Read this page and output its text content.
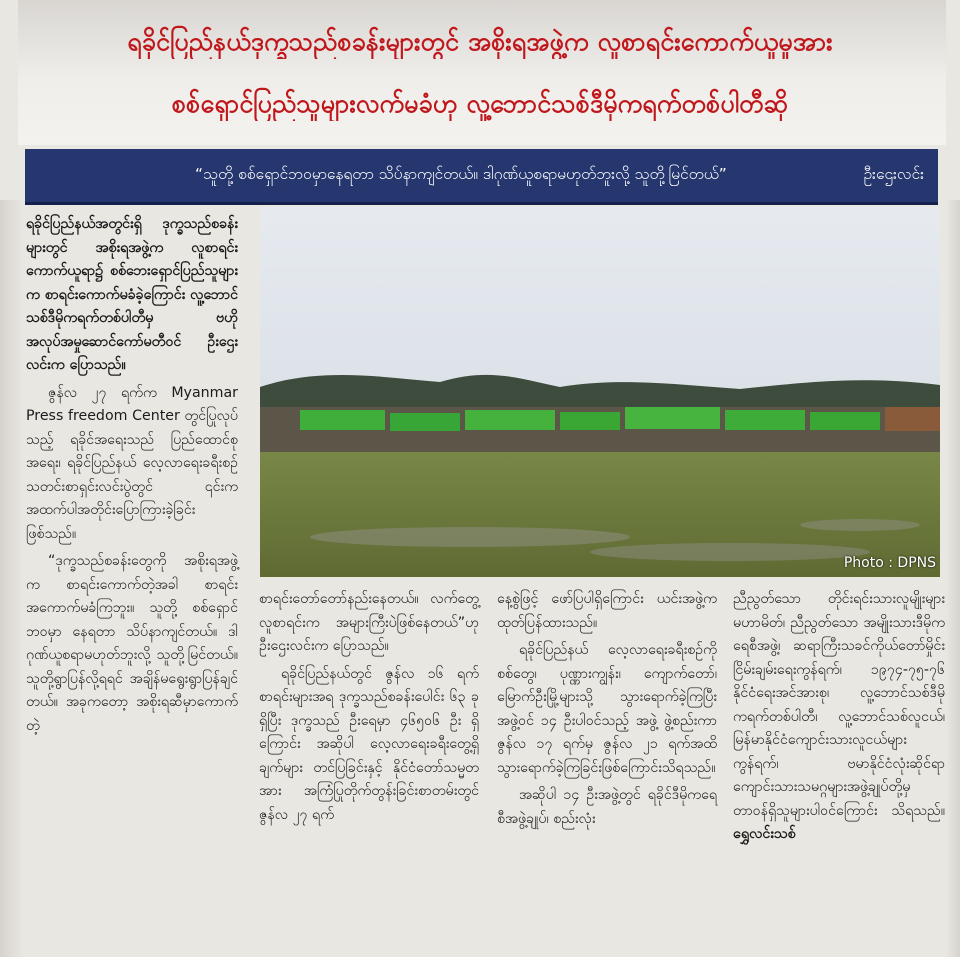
ရခိုင်ပြည်နယ်ဒုက္ခသည်စခန်းများတွင် အစိုးရအဖွဲ့က လူစာရင်းကောက်ယူမှုအား
စစ်ရှောင်ပြည်သူများလက်မခံဟု လူ့ဘောင်သစ်ဒီမိုကရက်တစ်ပါတီဆို
“သူတို့ စစ်ရှောင်ဘဝမှာနေရတာ သိပ်နာကျင်တယ်။ ဒါဂုဏ်ယူစရာမဟုတ်ဘူးလို့ သူတို့မြင်တယ်”	ဦးဌေးလင်း
Photo : DPNS

ရခိုင်ပြည်နယ်အတွင်းရှိ ဒုက္ခသည်စခန်းများတွင် အစိုးရအဖွဲ့က လူစာရင်းကောက်ယူရာ၌ စစ်ဘေးရှောင်ပြည်သူများ က စာရင်းကောက်မခံခဲ့ကြောင်း လူ့ဘောင်သစ်ဒီမိုကရက်တစ်ပါတီမှ ဗဟိုအလုပ်အမှုဆောင်ကော်မတီဝင် ဦးဌေးလင်းက ပြောသည်။

ဇွန်လ ၂၇ ရက်က Myanmar Press freedom Center တွင်ပြုလုပ်သည့် ရခိုင်အရေးသည် ပြည်ထောင်စုအရေး၊ ရခိုင်ပြည်နယ် လေ့လာရေးခရီးစဉ် သတင်းစာရှင်းလင်းပွဲတွင် ၎င်းက အထက်ပါအတိုင်းပြောကြားခဲ့ခြင်းဖြစ်သည်။

“ဒုက္ခသည်စခန်းတွေကို အစိုးရအဖွဲ့က စာရင်းကောက်တဲ့အခါ စာရင်းအကောက်မခံကြဘူး။ သူတို့ စစ်ရှောင်ဘဝမှာ နေရတာ သိပ်နာကျင်တယ်။ ဒါဂုဏ်ယူစရာမဟုတ်ဘူးလို့ သူတို့မြင်တယ်။ သူတို့ရွာပြန်လို့ရရင် အချိန်မရွေးရွာပြန်ချင်တယ်။ အခုကတော့ အစိုးရဆီမှာကောက်တဲ့

စာရင်းတော်တော်နည်းနေတယ်။ လက်တွေ့လူစာရင်းက အများကြီးပဲဖြစ်နေတယ်”ဟု ဦးဌေးလင်းက ပြောသည်။

ရခိုင်ပြည်နယ်တွင် ဇွန်လ ၁၆ ရက်စာရင်းများအရ ဒုက္ခသည်စခန်းပေါင်း ၆၃ ခုရှိပြီး ဒုက္ခသည် ဦးရေမှာ ၄၆၅၀၆ ဦး ရှိကြောင်း အဆိုပါ လေ့လာရေးခရီးတွေ့ရှိချက်များ တင်ပြခြင်းနှင့် နိုင်ငံတော်သမ္မတအား အကြံပြုတိုက်တွန်းခြင်းစာတမ်းတွင် ဇွန်လ ၂၇ ရက်

နေ့စွဲဖြင့် ဖော်ပြပါရှိကြောင်း ယင်းအဖွဲ့က ထုတ်ပြန်ထားသည်။

ရခိုင်ပြည်နယ် လေ့လာရေးခရီးစဉ်ကို စစ်တွေ၊ ပုဏ္ဏားကျွန်း၊ ကျောက်တော်၊ မြောက်ဦးမြို့များသို့ သွားရောက်ခဲ့ကြပြီး အဖွဲ့ဝင် ၁၄ ဦးပါဝင်သည့် အဖွဲ့ ဖွဲ့စည်းကာ ဇွန်လ ၁၇ ရက်မှ ဇွန်လ ၂၁ ရက်အထိ သွားရောက်ခဲ့ကြခြင်းဖြစ်ကြောင်းသိရသည်။

အဆိုပါ ၁၄ ဦးအဖွဲ့တွင် ရခိုင်ဒီမိုကရေစီအဖွဲ့ချုပ်၊ စည်းလုံး

ညီညွတ်သော တိုင်းရင်းသားလူမျိုးများမဟာမိတ်၊ ညီညွတ်သော အမျိုးသားဒီမိုကရေစီအဖွဲ့၊ ဆရာကြီးသခင်ကိုယ်တော်မှိုင်း ငြိမ်းချမ်းရေးကွန်ရက်၊ ၁၉၇၄-၇၅-၇၆ နိုင်ငံရေးအင်အားစု၊ လူ့ဘောင်သစ်ဒီမိုကရက်တစ်ပါတီ၊ လူ့ဘောင်သစ်လူငယ်၊ မြန်မာနိုင်ငံကျောင်းသားလူငယ်များကွန်ရက်၊ ဗမာနိုင်ငံလုံးဆိုင်ရာ ကျောင်းသားသမဂ္ဂများအဖွဲ့ချုပ်တို့မှ တာဝန်ရှိသူများပါဝင်ကြောင်း သိရသည်။ ရွှေလင်းသစ်
